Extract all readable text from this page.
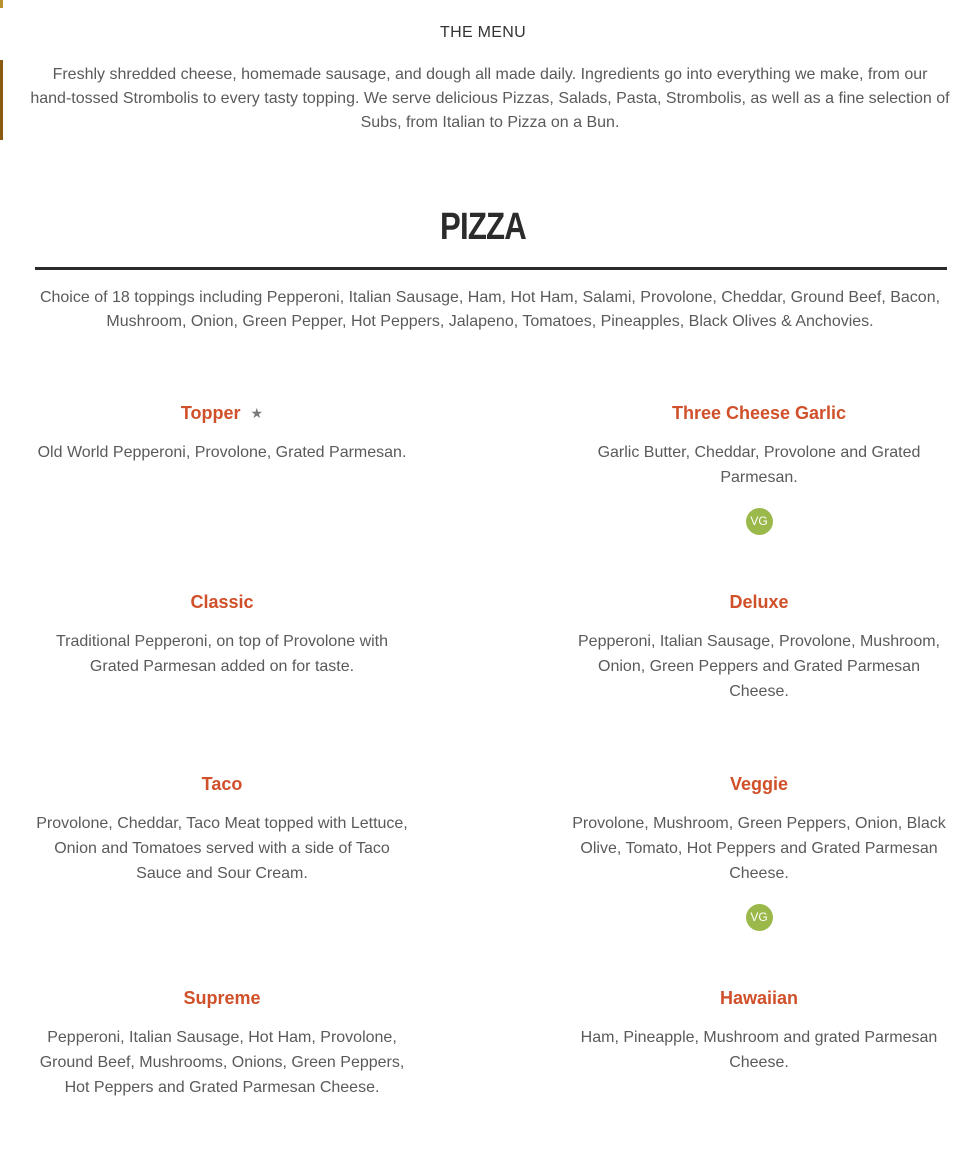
THE MENU
Freshly shredded cheese, homemade sausage, and dough all made daily. Ingredients go into everything we make, from our hand-tossed Strombolis to every tasty topping. We serve delicious Pizzas, Salads, Pasta, Strombolis, as well as a fine selection of Subs, from Italian to Pizza on a Bun.
PIZZA
Choice of 18 toppings including Pepperoni, Italian Sausage, Ham, Hot Ham, Salami, Provolone, Cheddar, Ground Beef, Bacon, Mushroom, Onion, Green Pepper, Hot Peppers, Jalapeno, Tomatoes, Pineapples, Black Olives & Anchovies.
Topper ★
Old World Pepperoni, Provolone, Grated Parmesan.
Three Cheese Garlic
Garlic Butter, Cheddar, Provolone and Grated Parmesan.
VG
Classic
Traditional Pepperoni, on top of Provolone with Grated Parmesan added on for taste.
Deluxe
Pepperoni, Italian Sausage, Provolone, Mushroom, Onion, Green Peppers and Grated Parmesan Cheese.
Taco
Provolone, Cheddar, Taco Meat topped with Lettuce, Onion and Tomatoes served with a side of Taco Sauce and Sour Cream.
Veggie
Provolone, Mushroom, Green Peppers, Onion, Black Olive, Tomato, Hot Peppers and Grated Parmesan Cheese.
VG
Supreme
Pepperoni, Italian Sausage, Hot Ham, Provolone, Ground Beef, Mushrooms, Onions, Green Peppers, Hot Peppers and Grated Parmesan Cheese.
Hawaiian
Ham, Pineapple, Mushroom and grated Parmesan Cheese.
